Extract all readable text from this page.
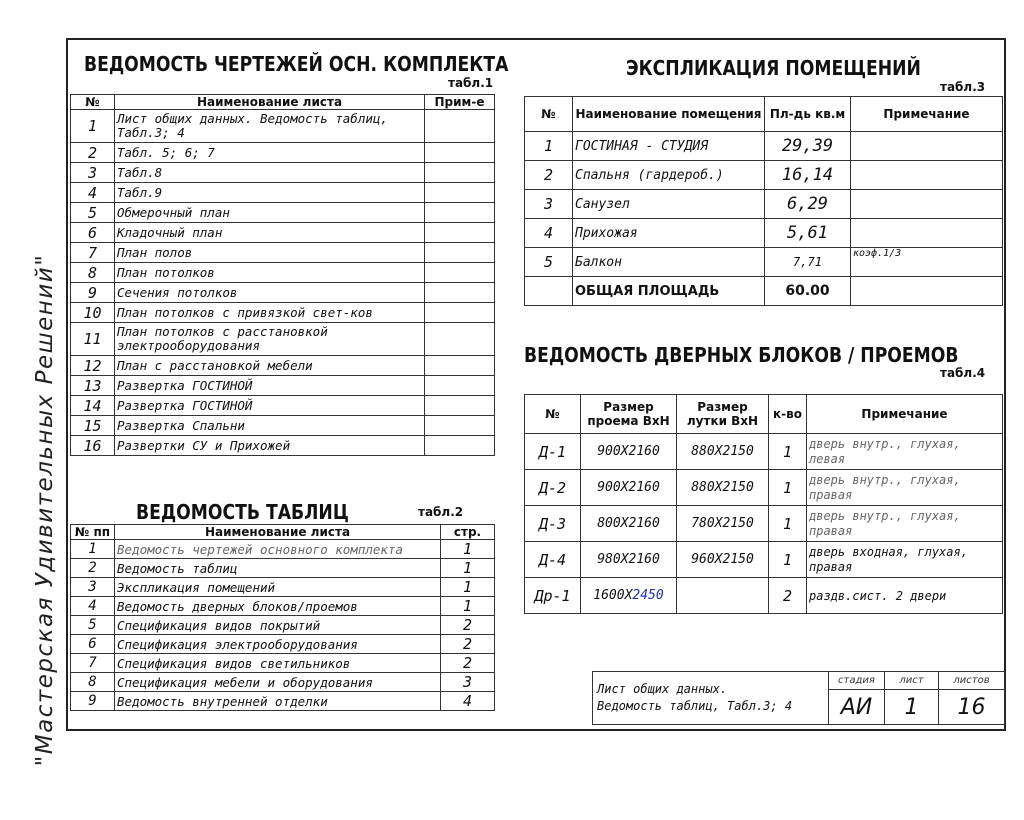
"Мастерская Удивительных Решений"
ВЕДОМОСТЬ ЧЕРТЕЖЕЙ ОСН. КОМПЛЕКТА
табл.1
№	Наименование листа	Прим-е
1	Лист общих данных. Ведомость таблиц, Табл.3; 4	
2	Табл. 5; 6; 7	
3	Табл.8	
4	Табл.9	
5	Обмерочный план	
6	Кладочный план	
7	План полов	
8	План потолков	
9	Сечения потолков	
10	План потолков с привязкой свет-ков	
11	План потолков с расстановкой электрооборудования	
12	План с расстановкой мебели	
13	Развертка ГОСТИНОЙ	
14	Развертка ГОСТИНОЙ	
15	Развертка Спальни	
16	Развертки СУ и Прихожей	
ВЕДОМОСТЬ ТАБЛИЦ	табл.2
№ пп	Наименование листа	стр.
1	Ведомость чертежей основного комплекта	1
2	Ведомость таблиц	1
3	Экспликация помещений	1
4	Ведомость дверных блоков/проемов	1
5	Спецификация видов покрытий	2
6	Спецификация электрооборудования	2
7	Спецификация видов светильников	2
8	Спецификация мебели и оборудования	3
9	Ведомость внутренней отделки	4
ЭКСПЛИКАЦИЯ ПОМЕЩЕНИЙ
табл.3
№	Наименование помещения	Пл-дь кв.м	Примечание
1	ГОСТИНАЯ - СТУДИЯ	29,39	
2	Спальня (гардероб.)	16,14	
3	Санузел	6,29	
4	Прихожая	5,61	
5	Балкон	7,71	коэф.1/3
	ОБЩАЯ ПЛОЩАДЬ	60.00	
ВЕДОМОСТЬ ДВЕРНЫХ БЛОКОВ / ПРОЕМОВ
табл.4
№	Размер проема ВхН	Размер лутки ВхН	к-во	Примечание
Д-1	900X2160	880X2150	1	дверь внутр., глухая, левая
Д-2	900X2160	880X2150	1	дверь внутр., глухая, правая
Д-3	800X2160	780X2150	1	дверь внутр., глухая, правая
Д-4	980X2160	960X2150	1	дверь входная, глухая, правая
Др-1	1600X2450		2	раздв.сист. 2 двери
Лист общих данных.
Ведомость таблиц, Табл.3; 4	стадия	лист	листов
	АИ	1	16
